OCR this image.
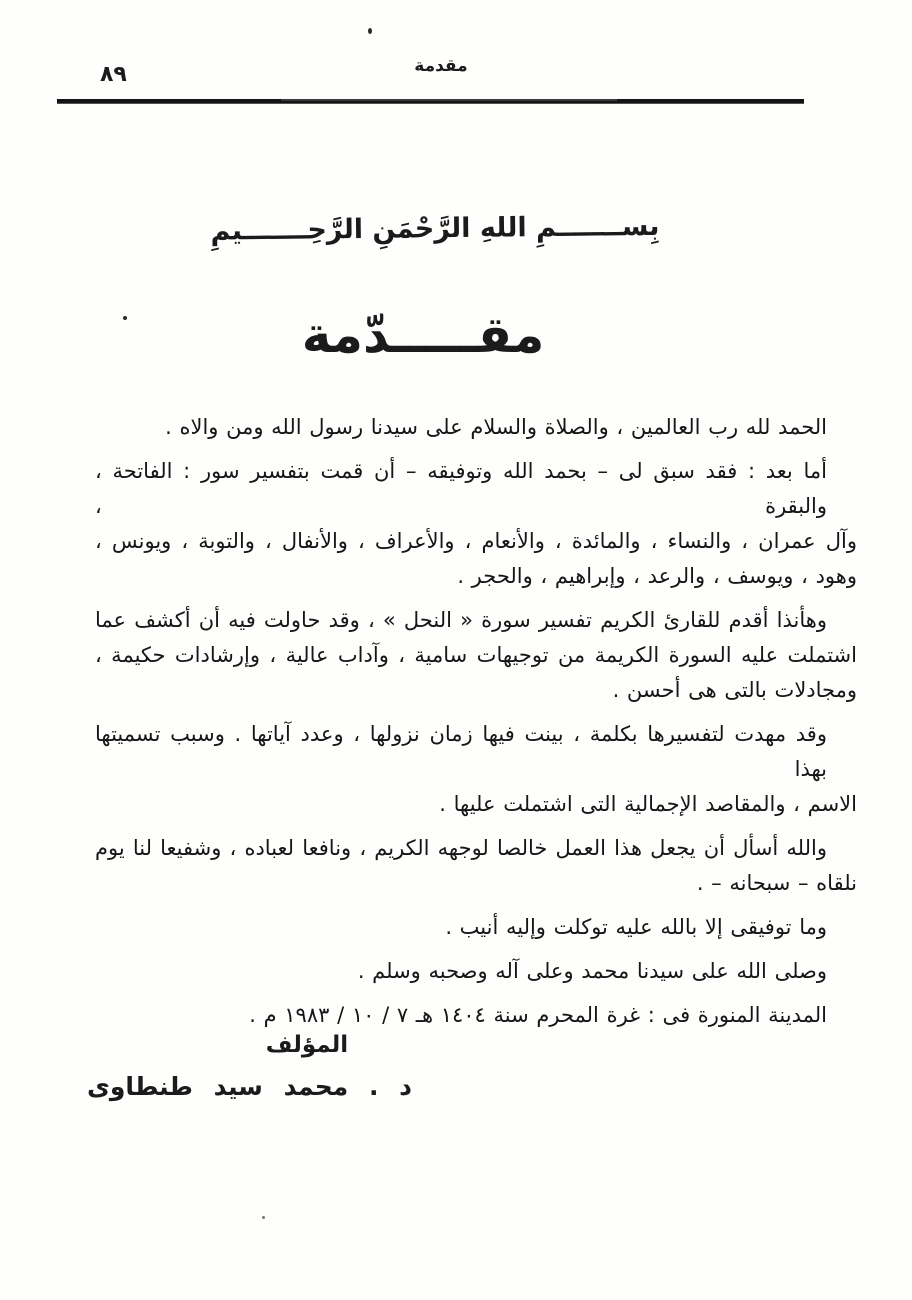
٨٩	مقدمة
بِســـــــمِ اللهِ الرَّحْمَنِ الرَّحِـــــــيمِ
مقـــــدّمة
الحمد لله رب العالمين ، والصلاة والسلام على سيدنا رسول الله ومن والاه .
أما بعد : فقد سبق لى – بحمد الله وتوفيقه – أن قمت بتفسير سور : الفاتحة ، والبقرة ،
وآل عمران ، والنساء ، والمائدة ، والأنعام ، والأعراف ، والأنفال ، والتوبة ، ويونس ،
وهود ، ويوسف ، والرعد ، وإبراهيم ، والحجر .
وهأنذا أقدم للقارئ الكريم تفسير سورة « النحل » ، وقد حاولت فيه أن أكشف عما
اشتملت عليه السورة الكريمة من توجيهات سامية ، وآداب عالية ، وإرشادات حكيمة ،
ومجادلات بالتى هى أحسن .
وقد مهدت لتفسيرها بكلمة ، بينت فيها زمان نزولها ، وعدد آياتها . وسبب تسميتها بهذا
الاسم ، والمقاصد الإجمالية التى اشتملت عليها .
والله أسأل أن يجعل هذا العمل خالصا لوجهه الكريم ، ونافعا لعباده ، وشفيعا لنا يوم
نلقاه – سبحانه – .
وما توفيقى إلا بالله عليه توكلت وإليه أنيب .
وصلى الله على سيدنا محمد وعلى آله وصحبه وسلم .
المدينة المنورة فى : غرة المحرم سنة ١٤٠٤ هـ ٧ / ١٠ / ١٩٨٣ م .
المؤلف
د . محمد سيد طنطاوى
